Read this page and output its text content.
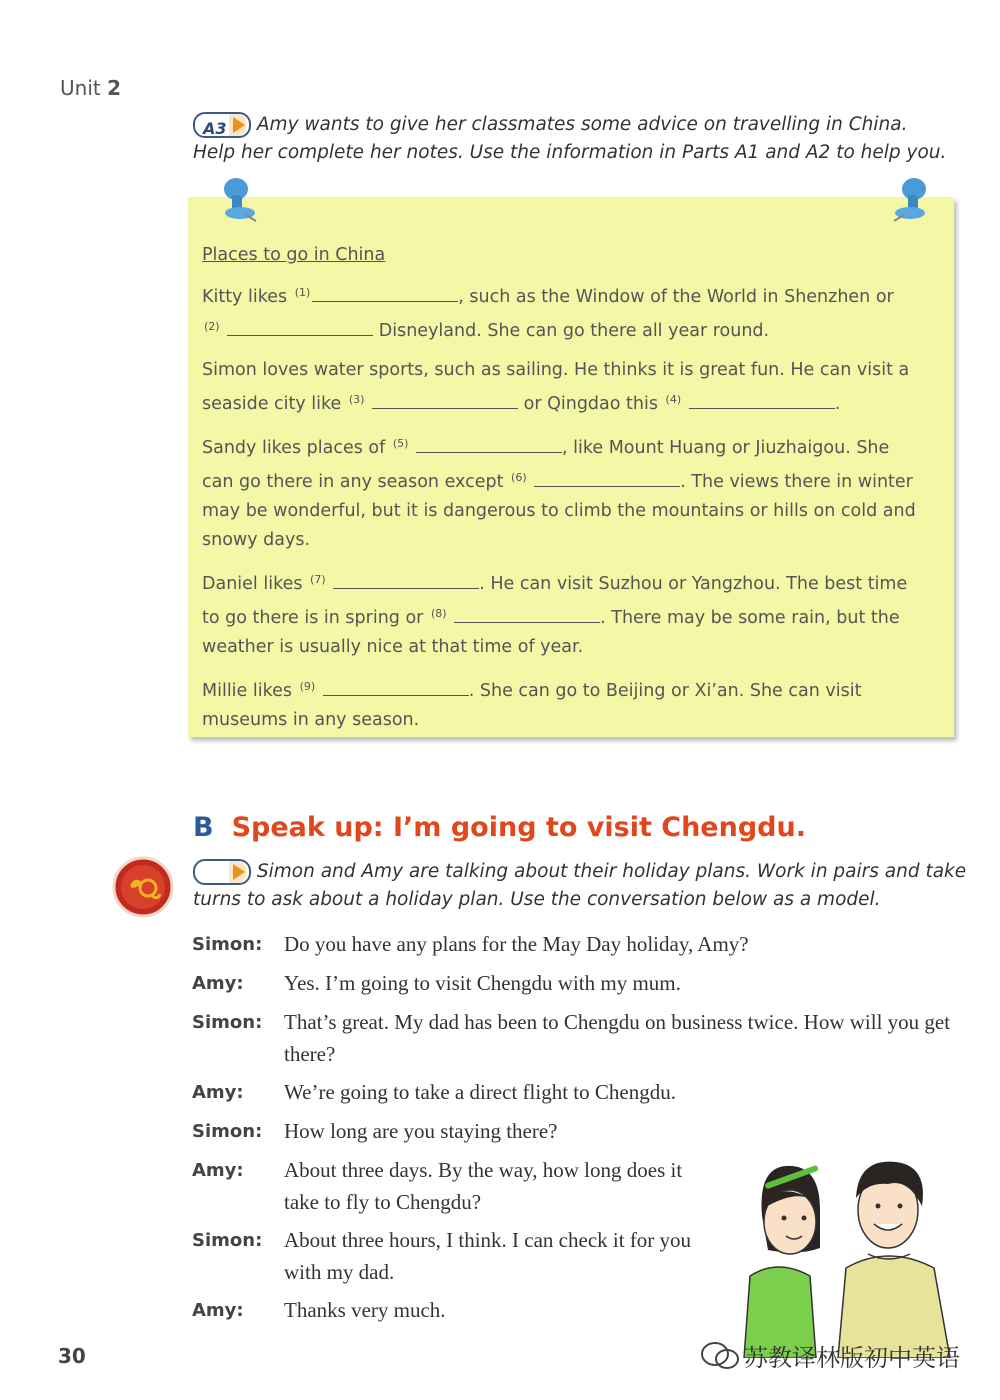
Unit 2
A3 Amy wants to give her classmates some advice on travelling in China.
Help her complete her notes. Use the information in Parts A1 and A2 to help you.
Places to go in China
Kitty likes $^{(1)}$	, such as the Window of the World in Shenzhen or
$^{(2)}$	Disneyland. She can go there all year round.
Simon loves water sports, such as sailing. He thinks it is great fun. He can visit a seaside city like $^{(3)}$	or Qingdao this $^{(4)}$	.
Sandy likes places of $^{(5)}$	, like Mount Huang or Jiuzhaigou. She can go there in any season except $^{(6)}$	. The views there in winter may be wonderful, but it is dangerous to climb the mountains or hills on cold and snowy days.
Daniel likes $^{(7)}$	. He can visit Suzhou or Yangzhou. The best time to go there is in spring or $^{(8)}$	. There may be some rain, but the weather is usually nice at that time of year.
Millie likes $^{(9)}$	. She can go to Beijing or Xi’an. She can visit museums in any season.
B Speak up: I’m going to visit Chengdu.
Simon and Amy are talking about their holiday plans. Work in pairs and take
turns to ask about a holiday plan. Use the conversation below as a model.
Simon:	Do you have any plans for the May Day holiday, Amy?
Amy:	Yes. I’m going to visit Chengdu with my mum.
Simon:	That’s great. My dad has been to Chengdu on business twice. How will you get there?
Amy:	We’re going to take a direct flight to Chengdu.
Simon:	How long are you staying there?
Amy:	About three days. By the way, how long does it take to fly to Chengdu?
Simon:	About three hours, I think. I can check it for you with my dad.
Amy:	Thanks very much.
30	苏教译林版初中英语
